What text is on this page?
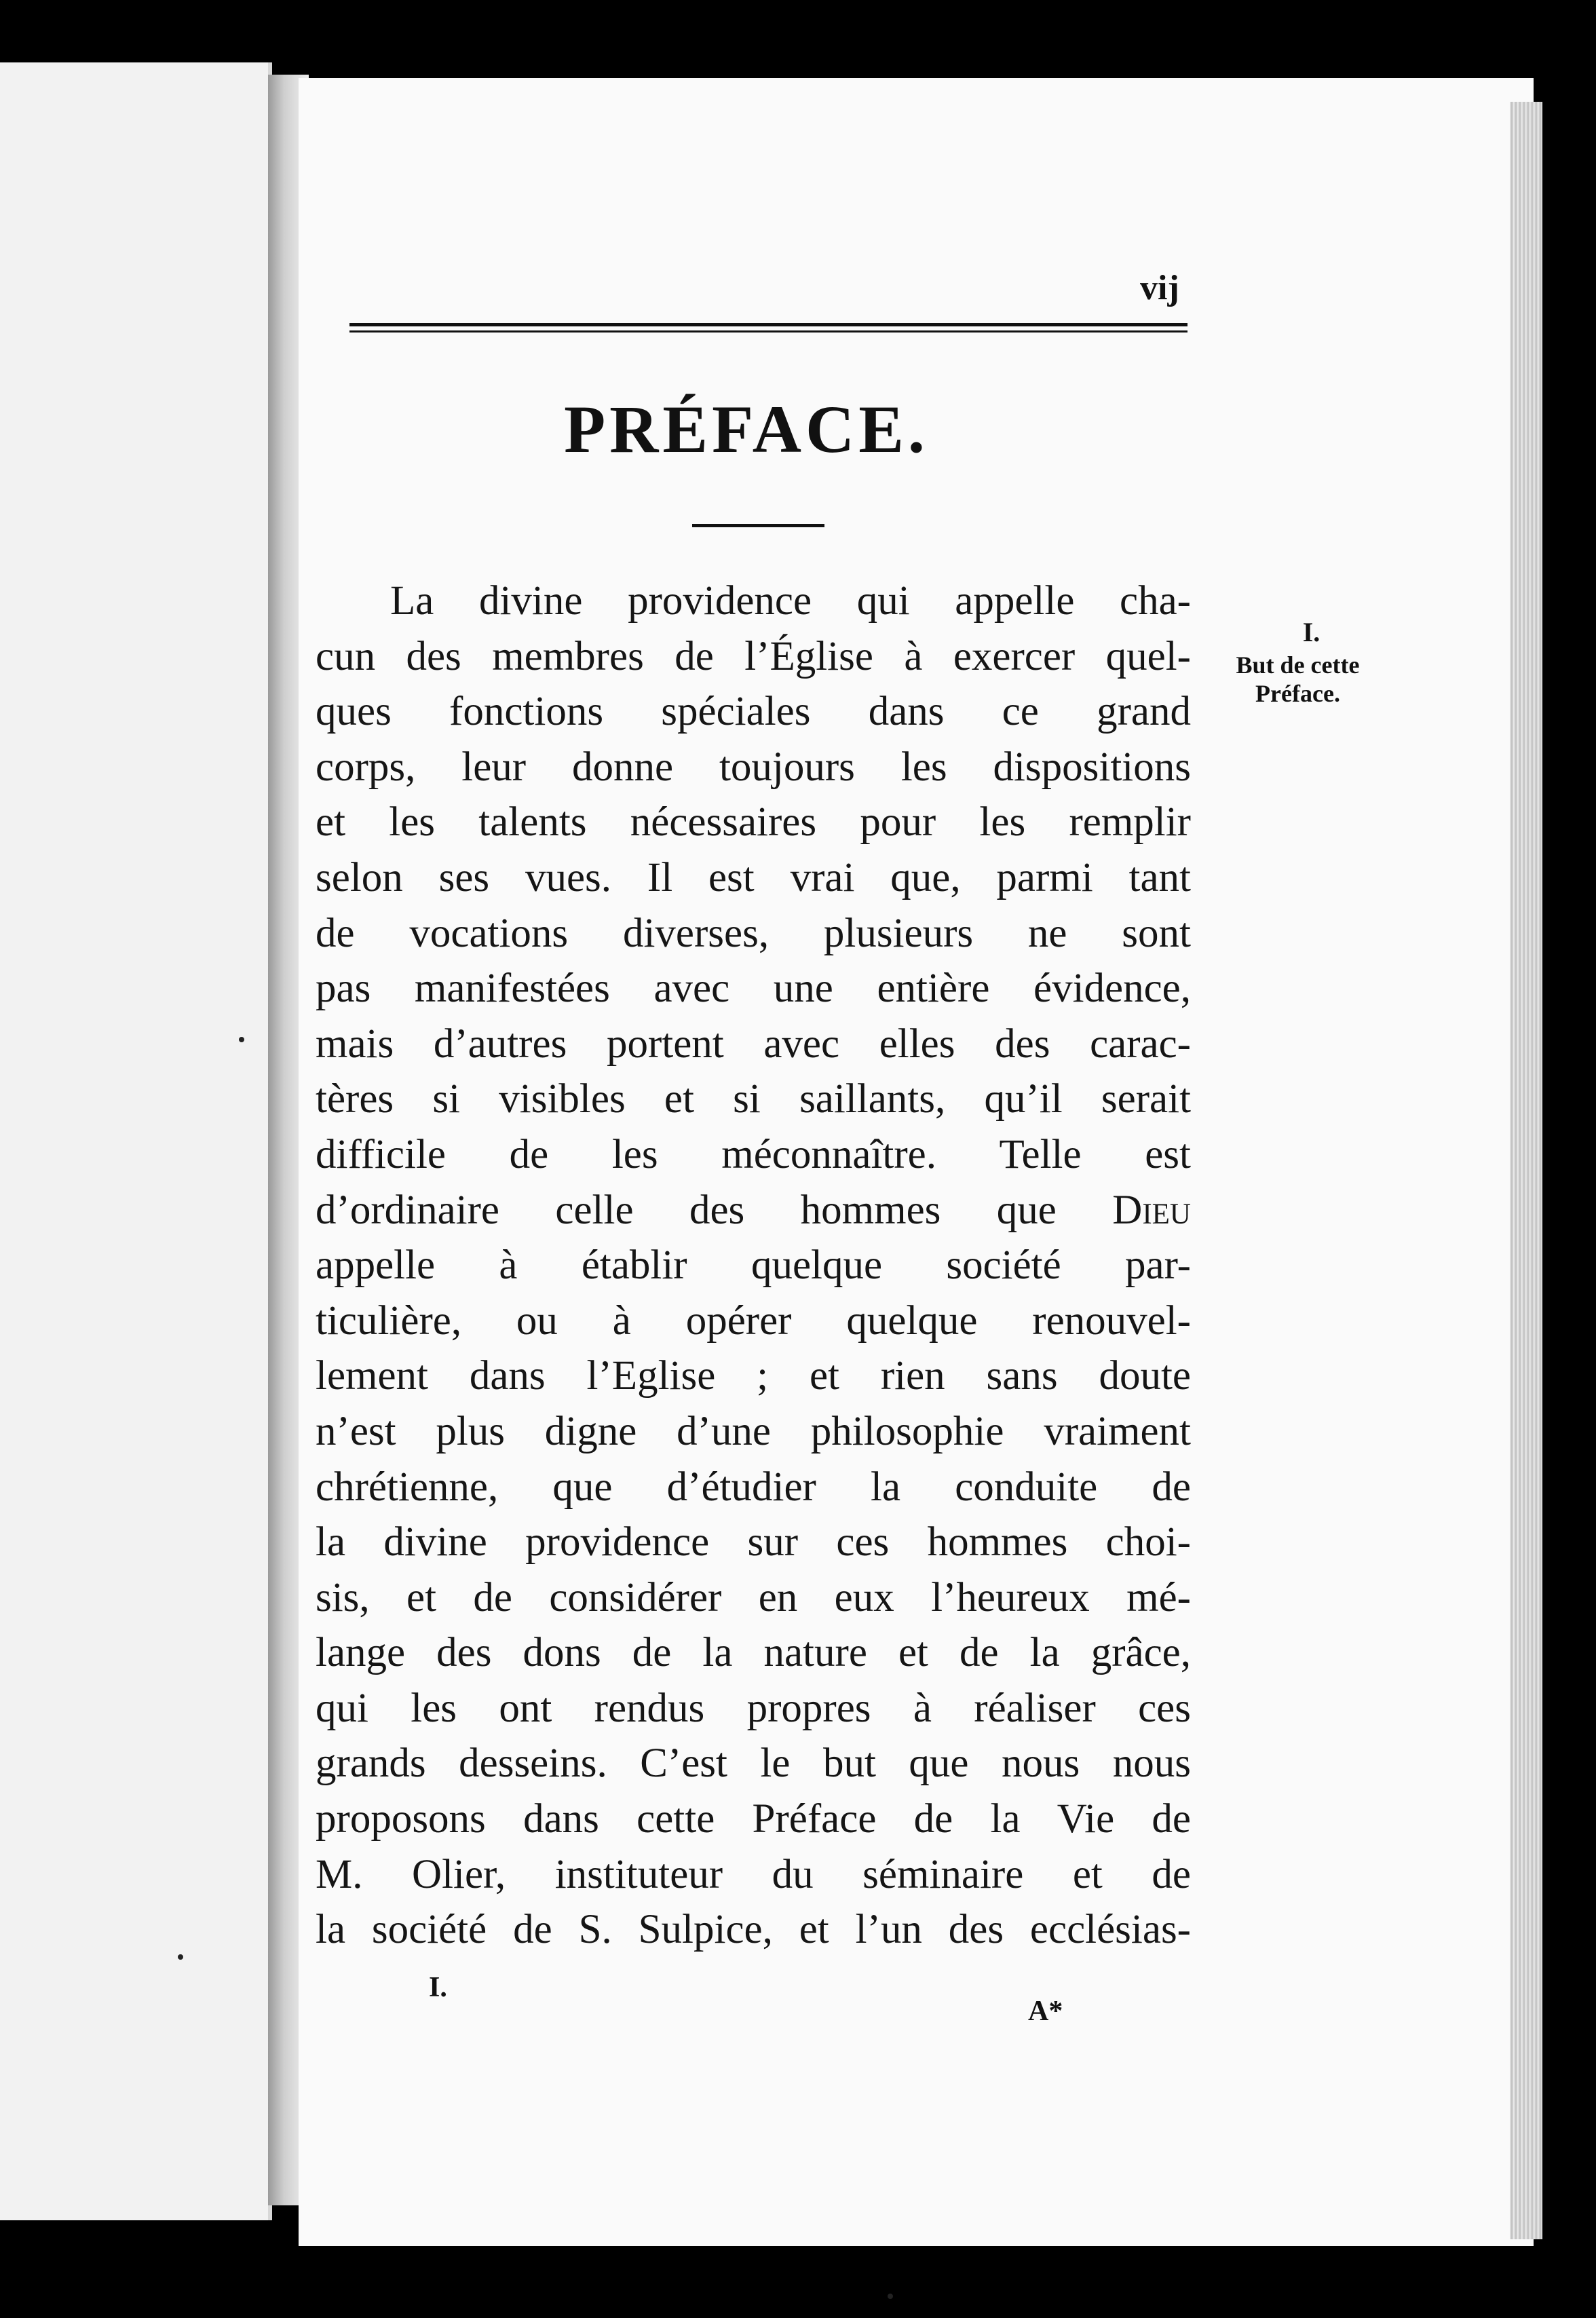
vij
PRÉFACE.
I.
But de cette Préface.
La divine providence qui appelle cha-
cun des membres de l’Église à exercer quel-
ques fonctions spéciales dans ce grand
corps, leur donne toujours les dispositions
et les talents nécessaires pour les remplir
selon ses vues. Il est vrai que, parmi tant
de vocations diverses, plusieurs ne sont
pas manifestées avec une entière évidence,
mais d’autres portent avec elles des carac-
tères si visibles et si saillants, qu’il serait
difficile de les méconnaître. Telle est
d’ordinaire celle des hommes que Dieu
appelle à établir quelque société par-
ticulière, ou à opérer quelque renouvel-
lement dans l’Eglise ; et rien sans doute
n’est plus digne d’une philosophie vraiment
chrétienne, que d’étudier la conduite de
la divine providence sur ces hommes choi-
sis, et de considérer en eux l’heureux mé-
lange des dons de la nature et de la grâce,
qui les ont rendus propres à réaliser ces
grands desseins. C’est le but que nous nous
proposons dans cette Préface de la Vie de
M. Olier, instituteur du séminaire et de
la société de S. Sulpice, et l’un des ecclésias-
I.
A*
